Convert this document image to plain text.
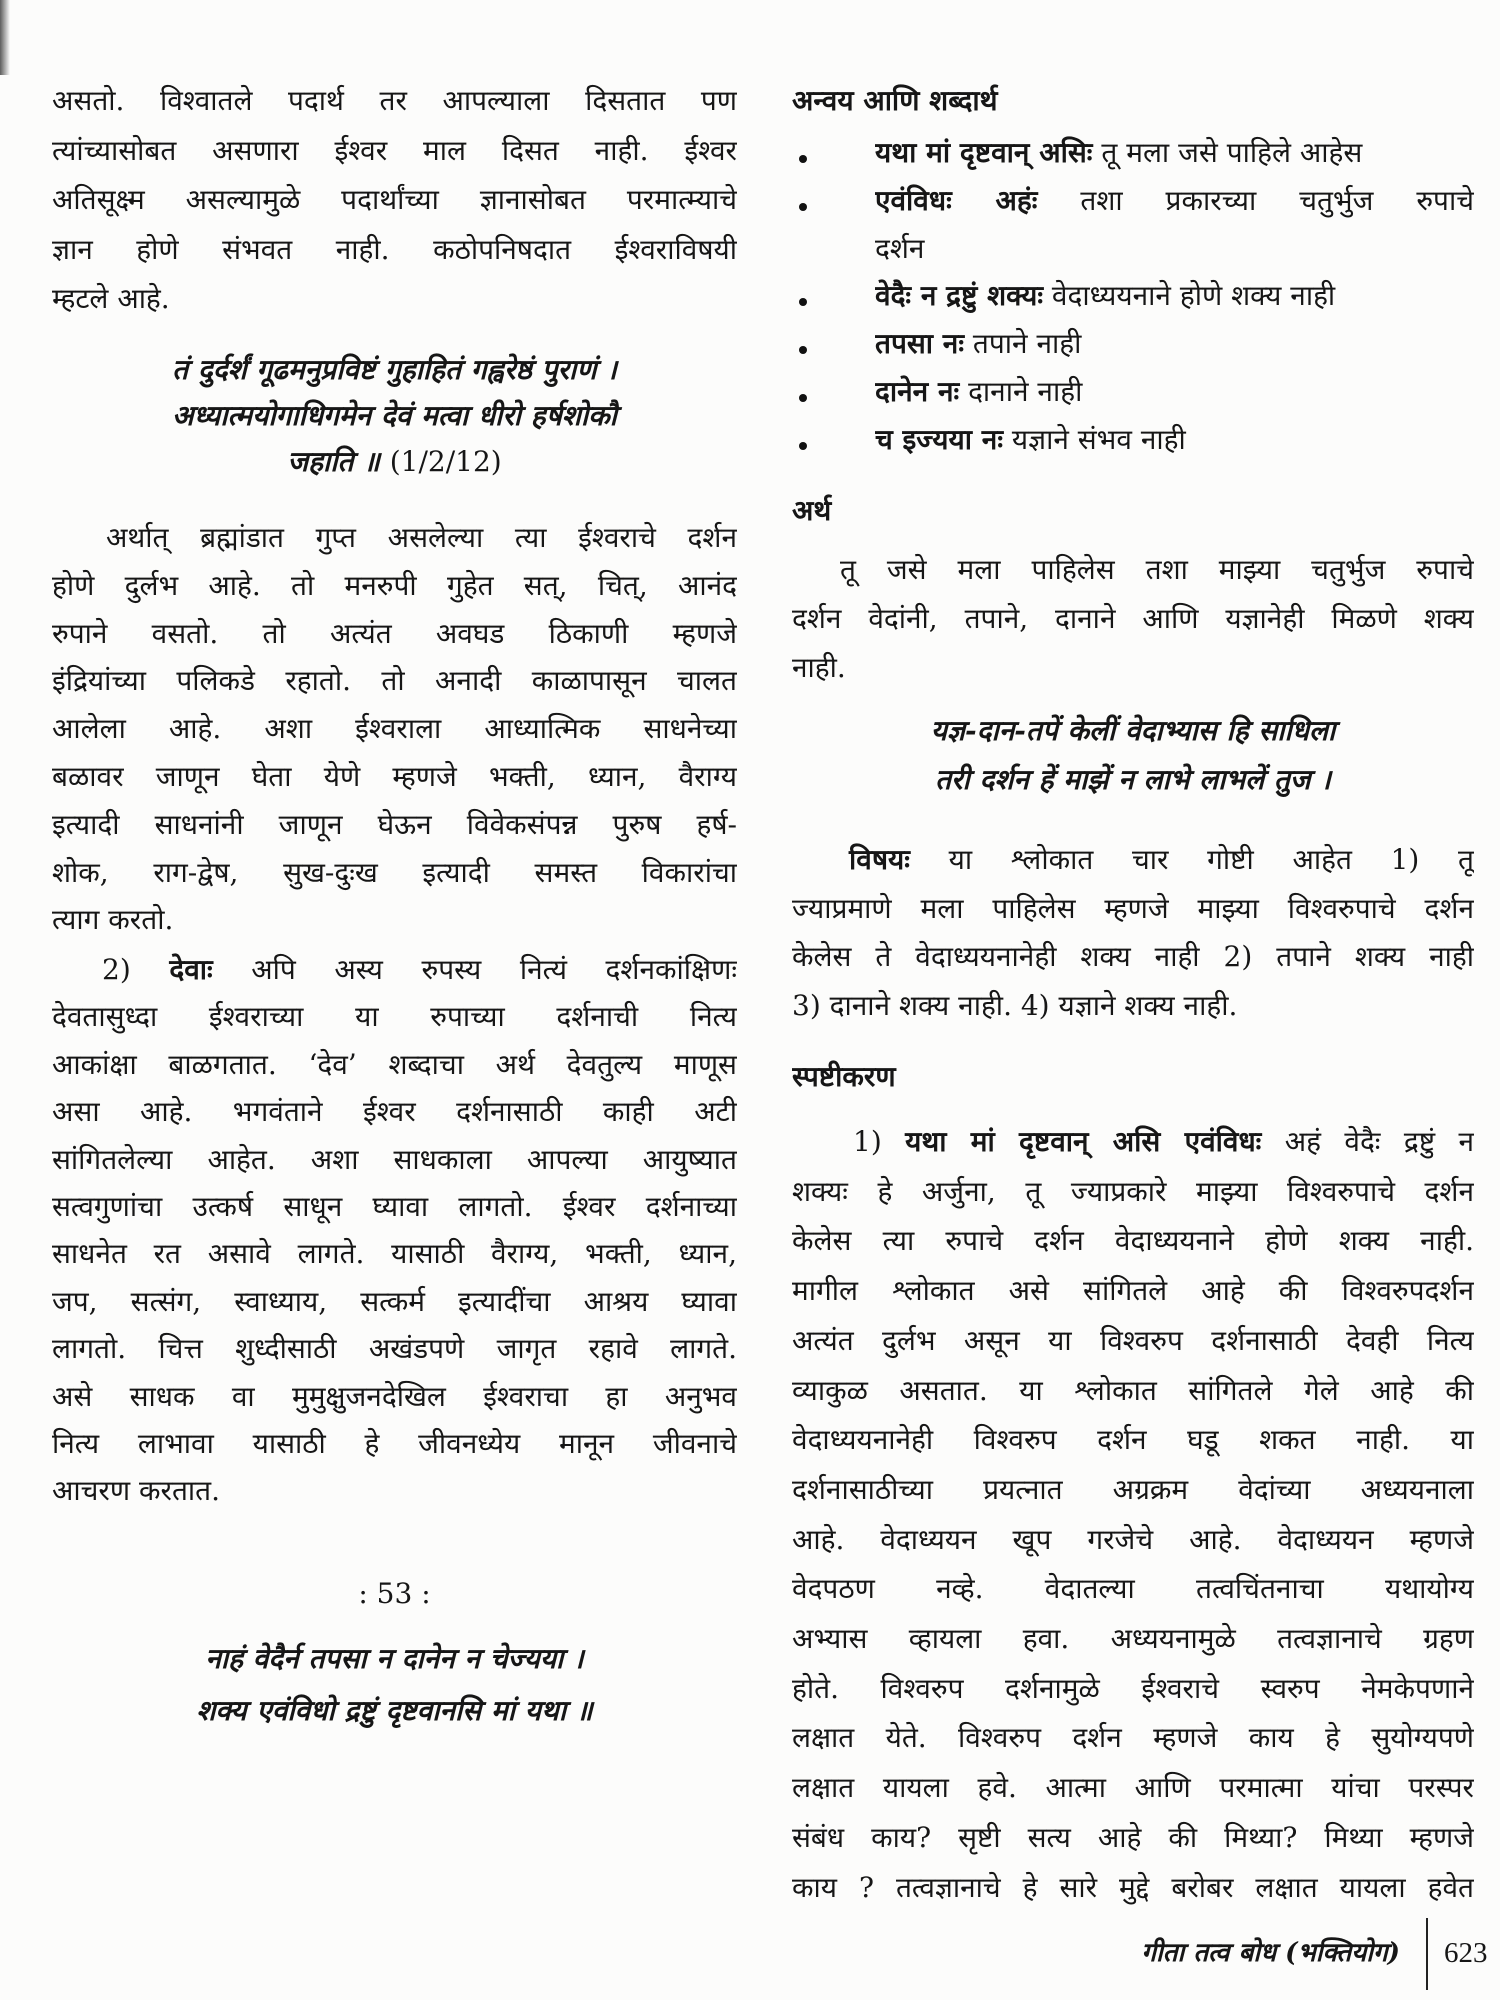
असतो. विश्वातले पदार्थ तर आपल्याला दिसतात पण
त्यांच्यासोबत असणारा ईश्वर माल दिसत नाही. ईश्वर
अतिसूक्ष्म असल्यामुळे पदार्थांच्या ज्ञानासोबत परमात्म्याचे
ज्ञान होणे संभवत नाही. कठोपनिषदात ईश्वराविषयी
म्हटले आहे.
तं दुर्दर्शं गूढमनुप्रविष्टं गुहाहितं गह्वरेष्ठं पुराणं ।
अध्यात्मयोगाधिगमेन देवं मत्वा धीरो हर्षशोकौ
जहाति ॥ (1/2/12)
अर्थात् ब्रह्मांडात गुप्त असलेल्या त्या ईश्वराचे दर्शन
होणे दुर्लभ आहे. तो मनरुपी गुहेत सत्, चित्, आनंद
रुपाने वसतो. तो अत्यंत अवघड ठिकाणी म्हणजे
इंद्रियांच्या पलिकडे रहातो. तो अनादी काळापासून चालत
आलेला आहे. अशा ईश्वराला आध्यात्मिक साधनेच्या
बळावर जाणून घेता येणे म्हणजे भक्ती, ध्यान, वैराग्य
इत्यादी साधनांनी जाणून घेऊन विवेकसंपन्न पुरुष हर्ष-
शोक, राग-द्वेष, सुख-दुःख इत्यादी समस्त विकारांचा
त्याग करतो.
2) देवाः अपि अस्य रुपस्य नित्यं दर्शनकांक्षिणः
देवतासुध्दा ईश्वराच्या या रुपाच्या दर्शनाची नित्य
आकांक्षा बाळगतात. ‘देव’ शब्दाचा अर्थ देवतुल्य माणूस
असा आहे. भगवंताने ईश्वर दर्शनासाठी काही अटी
सांगितलेल्या आहेत. अशा साधकाला आपल्या आयुष्यात
सत्वगुणांचा उत्कर्ष साधून घ्यावा लागतो. ईश्वर दर्शनाच्या
साधनेत रत असावे लागते. यासाठी वैराग्य, भक्ती, ध्यान,
जप, सत्संग, स्वाध्याय, सत्कर्म इत्यादींचा आश्रय घ्यावा
लागतो. चित्त शुध्दीसाठी अखंडपणे जागृत रहावे लागते.
असे साधक वा मुमुक्षुजनदेखिल ईश्वराचा हा अनुभव
नित्य लाभावा यासाठी हे जीवनध्येय मानून जीवनाचे
आचरण करतात.
: 53 :
नाहं वेदैर्न तपसा न दानेन न चेज्यया ।
शक्य एवंविधो द्रष्टुं दृष्टवानसि मां यथा ॥
अन्वय आणि शब्दार्थ
यथा मां दृष्टवान् असिः तू मला जसे पाहिले आहेस
एवंविधः अहंः तशा प्रकारच्या चतुर्भुज रुपाचे
दर्शन
वेदैः न द्रष्टुं शक्यः वेदाध्ययनाने होणे शक्य नाही
तपसा नः तपाने नाही
दानेन नः दानाने नाही
च इज्यया नः यज्ञाने संभव नाही
अर्थ
तू जसे मला पाहिलेस तशा माझ्या चतुर्भुज रुपाचे
दर्शन वेदांनी, तपाने, दानाने आणि यज्ञानेही मिळणे शक्य
नाही.
यज्ञ-दान-तपें केलीं वेदाभ्यास हि साधिला
तरी दर्शन हें माझें न लाभे लाभलें तुज ।
विषयः या श्लोकात चार गोष्टी आहेत 1) तू
ज्याप्रमाणे मला पाहिलेस म्हणजे माझ्या विश्वरुपाचे दर्शन
केलेस ते वेदाध्ययनानेही शक्य नाही 2) तपाने शक्य नाही
3) दानाने शक्य नाही. 4) यज्ञाने शक्य नाही.
स्पष्टीकरण
1) यथा मां दृष्टवान् असि एवंविधः अहं वेदैः द्रष्टुं न
शक्यः हे अर्जुना, तू ज्याप्रकारे माझ्या विश्वरुपाचे दर्शन
केलेस त्या रुपाचे दर्शन वेदाध्ययनाने होणे शक्य नाही.
मागील श्लोकात असे सांगितले आहे की विश्वरुपदर्शन
अत्यंत दुर्लभ असून या विश्वरुप दर्शनासाठी देवही नित्य
व्याकुळ असतात. या श्लोकात सांगितले गेले आहे की
वेदाध्ययनानेही विश्वरुप दर्शन घडू शकत नाही. या
दर्शनासाठीच्या प्रयत्नात अग्रक्रम वेदांच्या अध्ययनाला
आहे. वेदाध्ययन खूप गरजेचे आहे. वेदाध्ययन म्हणजे
वेदपठण नव्हे. वेदातल्या तत्वचिंतनाचा यथायोग्य
अभ्यास व्हायला हवा. अध्ययनामुळे तत्वज्ञानाचे ग्रहण
होते. विश्वरुप दर्शनामुळे ईश्वराचे स्वरुप नेमकेपणाने
लक्षात येते. विश्वरुप दर्शन म्हणजे काय हे सुयोग्यपणे
लक्षात यायला हवे. आत्मा आणि परमात्मा यांचा परस्पर
संबंध काय? सृष्टी सत्य आहे की मिथ्या? मिथ्या म्हणजे
काय ? तत्वज्ञानाचे हे सारे मुद्दे बरोबर लक्षात यायला हवेत
गीता तत्व बोध (भक्तियोग) 623
